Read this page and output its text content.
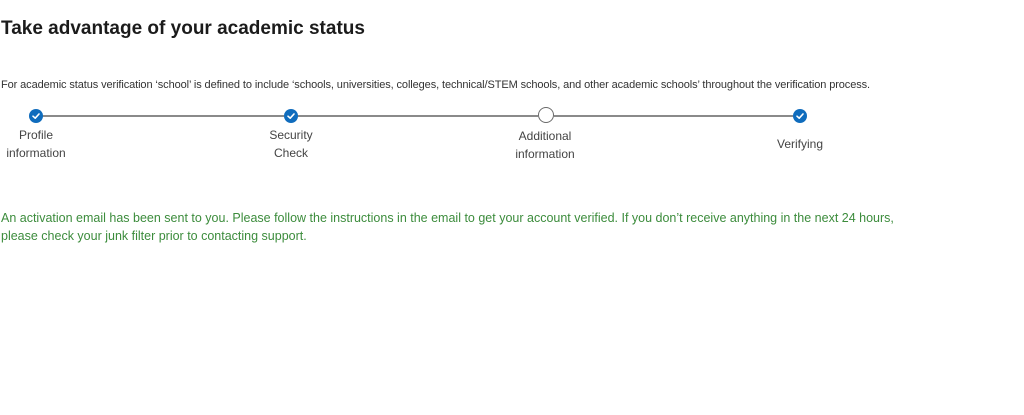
Take advantage of your academic status

For academic status verification ‘school’ is defined to include ‘schools, universities, colleges, technical/STEM schools, and other academic schools’ throughout the verification process.

Profile
information
Security
Check
Additional
information
Verifying

An activation email has been sent to you. Please follow the instructions in the email to get your account verified. If you don’t receive anything in the next 24 hours, please check your junk filter prior to contacting support.
